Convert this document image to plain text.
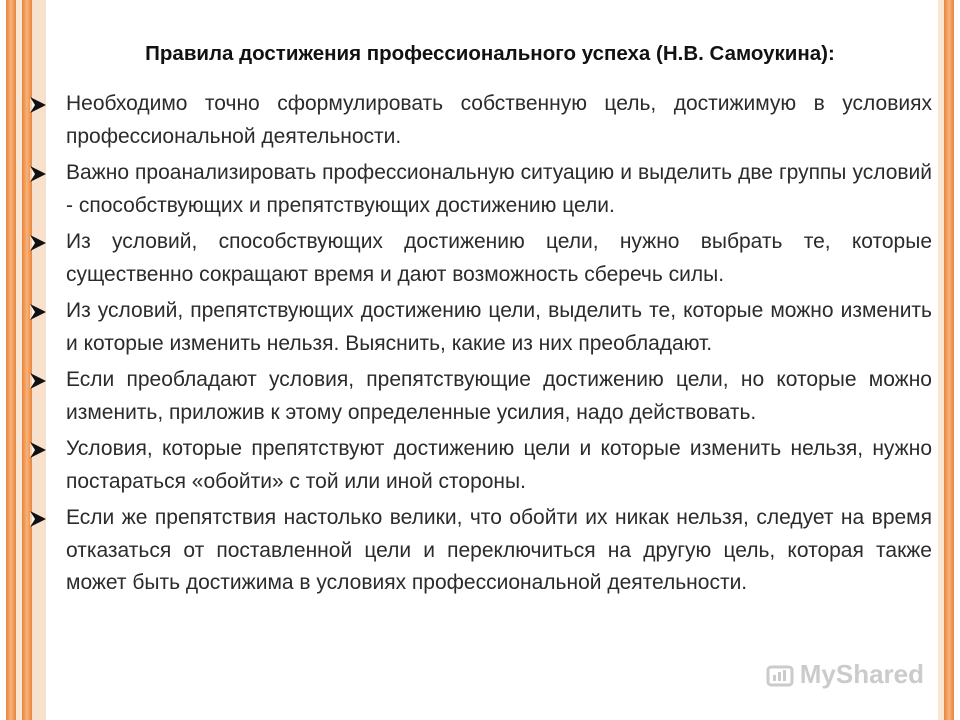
Правила достижения профессионального успеха (Н.В. Самоукина):
Необходимо точно сформулировать собственную цель, достижимую в условиях профессиональной деятельности.
Важно проанализировать профессиональную ситуацию и выделить две группы условий - способствующих и препятствующих достижению цели.
Из условий, способствующих достижению цели, нужно выбрать те, которые существенно сокращают время и дают возможность сберечь силы.
Из условий, препятствующих достижению цели, выделить те, которые можно изменить и которые изменить нельзя. Выяснить, какие из них преобладают.
Если преобладают условия, препятствующие достижению цели, но которые можно изменить, приложив к этому определенные усилия, надо действовать.
Условия, которые препятствуют достижению цели и которые изменить нельзя, нужно постараться «обойти» с той или иной стороны.
Если же препятствия настолько велики, что обойти их никак нельзя, следует на время отказаться от поставленной цели и переключиться на другую цель, которая также может быть достижима в условиях профессиональной деятельности.
MyShared
